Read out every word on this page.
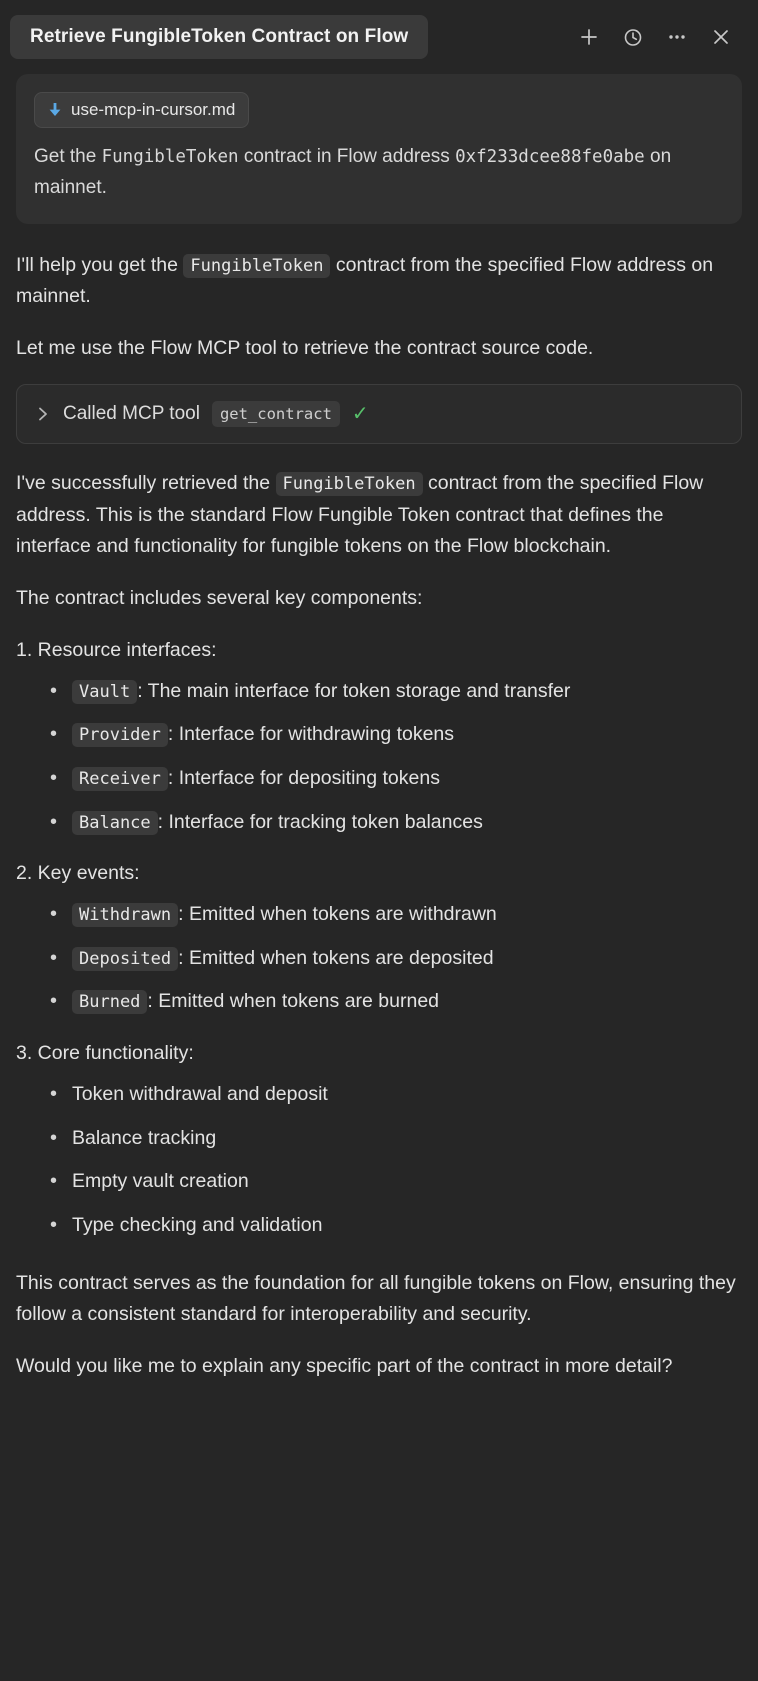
Retrieve FungibleToken Contract on Flow
use-mcp-in-cursor.md
Get the FungibleToken contract in Flow address 0xf233dcee88fe0abe on mainnet.

I'll help you get the FungibleToken contract from the specified Flow address on mainnet.

Let me use the Flow MCP tool to retrieve the contract source code.

Called MCP tool	get_contract	✓

I've successfully retrieved the FungibleToken contract from the specified Flow address. This is the standard Flow Fungible Token contract that defines the interface and functionality for fungible tokens on the Flow blockchain.

The contract includes several key components:

1. Resource interfaces:

• Vault : The main interface for token storage and transfer
• Provider : Interface for withdrawing tokens
• Receiver : Interface for depositing tokens
• Balance : Interface for tracking token balances

2. Key events:

• Withdrawn : Emitted when tokens are withdrawn
• Deposited : Emitted when tokens are deposited
• Burned : Emitted when tokens are burned

3. Core functionality:

• Token withdrawal and deposit
• Balance tracking
• Empty vault creation
• Type checking and validation

This contract serves as the foundation for all fungible tokens on Flow, ensuring they follow a consistent standard for interoperability and security.

Would you like me to explain any specific part of the contract in more detail?
